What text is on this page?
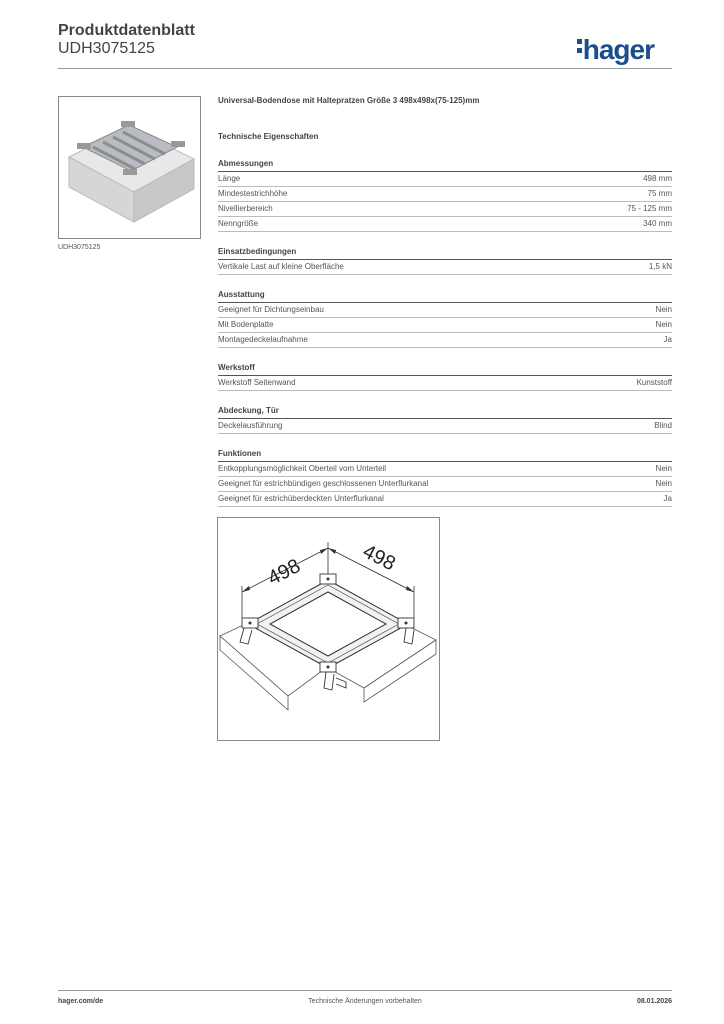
Produktdatenblatt
UDH3075125	hager
UDH3075125
Universal-Bodendose mit Haltepratzen Größe 3 498x498x(75-125)mm
Technische Eigenschaften
Abmessungen
Länge	498 mm
Mindestestrichhöhe	75 mm
Nivellierbereich	75 - 125 mm
Nenngröße	340 mm
Einsatzbedingungen
Vertikale Last auf kleine Oberfläche	1,5 kN
Ausstattung
Geeignet für Dichtungseinbau	Nein
Mit Bodenplatte	Nein
Montagedeckelaufnahme	Ja
Werkstoff
Werkstoff Seitenwand	Kunststoff
Abdeckung, Tür
Deckelausführung	Blind
Funktionen
Entkopplungsmöglichkeit Oberteil vom Unterteil	Nein
Geeignet für estrichbündigen geschlossenen Unterflurkanal	Nein
Geeignet für estrichüberdeckten Unterflurkanal	Ja
498	498
hager.com/de	Technische Änderungen vorbehalten	08.01.2026
